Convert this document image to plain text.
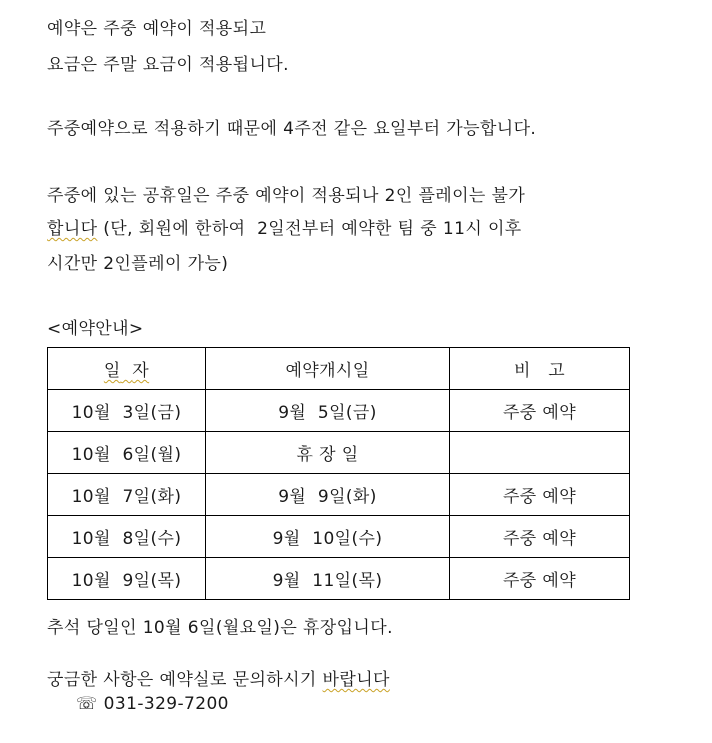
예약은 주중 예약이 적용되고
요금은 주말 요금이 적용됩니다.
주중예약으로 적용하기 때문에 4주전 같은 요일부터 가능합니다.
주중에 있는 공휴일은 주중 예약이 적용되나 2인 플레이는 불가
합니다 (단, 회원에 한하여  2일전부터 예약한 팀 중 11시 이후
시간만 2인플레이 가능)
<예약안내>
일 자	예약개시일	비   고
10월  3일(금)	9월  5일(금)	주중 예약
10월  6일(월)	휴 장 일	
10월  7일(화)	9월  9일(화)	주중 예약
10월  8일(수)	9월  10일(수)	주중 예약
10월  9일(목)	9월  11일(목)	주중 예약
추석 당일인 10월 6일(월요일)은 휴장입니다.
궁금한 사항은 예약실로 문의하시기 바랍니다
☏ 031-329-7200
